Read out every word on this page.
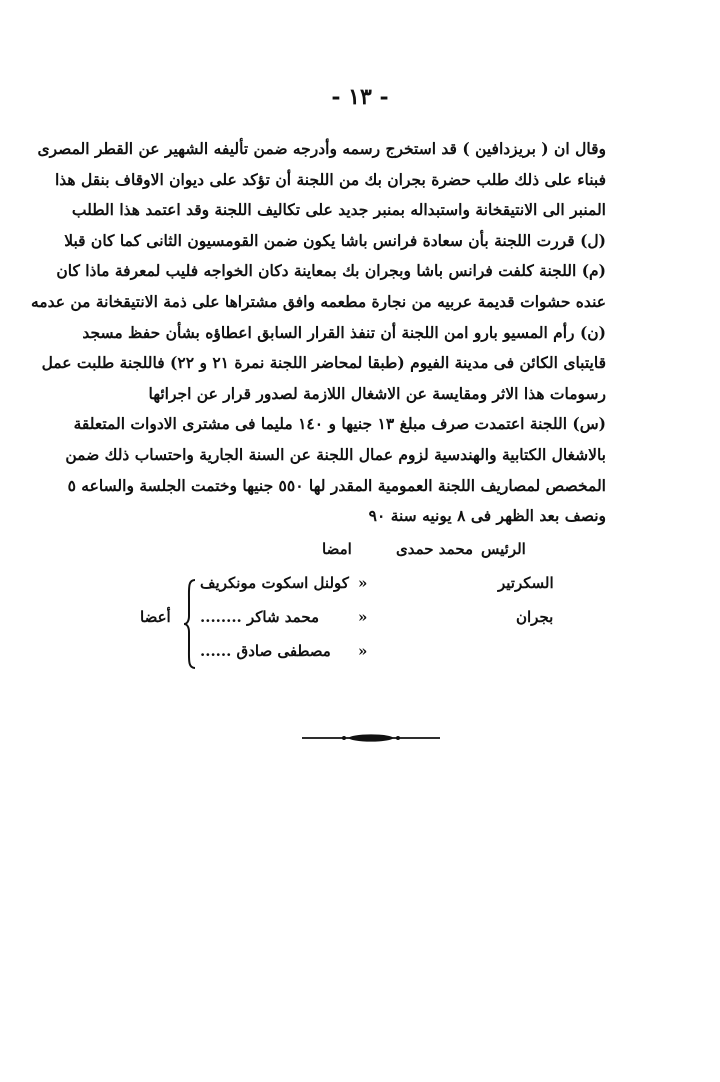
- ١٣ -
وقال ان ( بريزدافين ) قد استخرج رسمه وأدرجه ضمن تأليفه الشهير عن القطر المصرى
فبناء على ذلك طلب حضرة بجران بك من اللجنة أن تؤكد على ديوان الاوقاف بنقل هذا
المنبر الى الانتيقخانة واستبداله بمنبر جديد على تكاليف اللجنة وقد اعتمد هذا الطلب
(ل) قررت اللجنة بأن سعادة فرانس باشا يكون ضمن القومسيون الثانى كما كان قبلا
(م) اللجنة كلفت فرانس باشا وبجران بك بمعاينة دكان الخواجه فليب لمعرفة ماذا كان
عنده حشوات قديمة عربيه من نجارة مطعمه وافق مشتراها على ذمة الانتيقخانة من عدمه
(ن) رأم المسيو بارو امن اللجنة أن تنفذ القرار السابق اعطاؤه بشأن حفظ مسجد
قايتباى الكائن فى مدينة الفيوم (طبقا لمحاضر اللجنة نمرة ٢١ و ٢٢) فاللجنة طلبت عمل
رسومات هذا الاثر ومقايسة عن الاشغال اللازمة لصدور قرار عن اجرائها
(س) اللجنة اعتمدت صرف مبلغ ١٣ جنيها و ١٤٠ مليما فى مشترى الادوات المتعلقة
بالاشغال الكتابية والهندسية لزوم عمال اللجنة عن السنة الجارية واحتساب ذلك ضمن
المخصص لمصاريف اللجنة العمومية المقدر لها ٥٥٠ جنيها وختمت الجلسة والساعه ٥
ونصف بعد الظهر فى ٨ يونيه سنة ٩٠
امضا	محمد حمدى الرئيس
السكرتير
بجران
كولنل اسكوت مونكريف «
محمد شاكر ........	«
مصطفى صادق ...... «
أعضا
